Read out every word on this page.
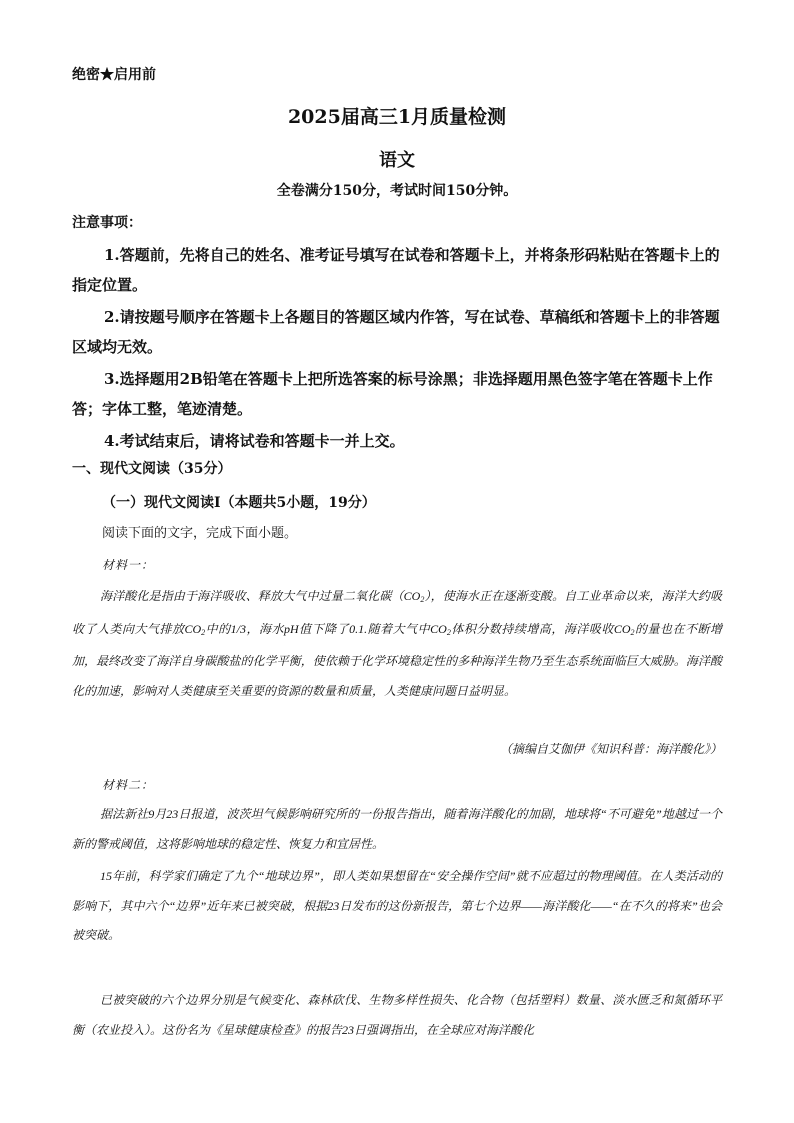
绝密★启用前
2025届高三1月质量检测
语文
全卷满分150分，考试时间150分钟。
注意事项：
1.答题前，先将自己的姓名、准考证号填写在试卷和答题卡上，并将条形码粘贴在答题卡上的指定位置。
2.请按题号顺序在答题卡上各题目的答题区域内作答，写在试卷、草稿纸和答题卡上的非答题区域均无效。
3.选择题用2B铅笔在答题卡上把所选答案的标号涂黑；非选择题用黑色签字笔在答题卡上作答；字体工整，笔迹清楚。
4.考试结束后，请将试卷和答题卡一并上交。
一、现代文阅读（35分）
（一）现代文阅读Ⅰ（本题共5小题，19分）
阅读下面的文字，完成下面小题。
材料一：
海洋酸化是指由于海洋吸收、释放大气中过量二氧化碳$(CO_2)$，使海水正在逐渐变酸。自工业革命以来，海洋大约吸收了人类向大气排放$CO_2$中的1/3，海水pH值下降了0.1.随着大气中$CO_2$体积分数持续增高，海洋吸收$CO_2$的量也在不断增加，最终改变了海洋自身碳酸盐的化学平衡，使依赖于化学环境稳定性的多种海洋生物乃至生态系统面临巨大威胁。海洋酸化的加速，影响对人类健康至关重要的资源的数量和质量，人类健康问题日益明显。
（摘编自艾伽伊《知识科普：海洋酸化》）
材料二：
据法新社9月23日报道，波茨坦气候影响研究所的一份报告指出，随着海洋酸化的加剧，地球将“不可避免”地越过一个新的警戒阈值，这将影响地球的稳定性、恢复力和宜居性。
15年前，科学家们确定了九个“地球边界”，即人类如果想留在“安全操作空间”就不应超过的物理阈值。在人类活动的影响下，其中六个“边界”近年来已被突破，根据23日发布的这份新报告，第七个边界——海洋酸化——“在不久的将来”也会被突破。
已被突破的六个边界分别是气候变化、森林砍伐、生物多样性损失、化合物（包括塑料）数量、淡水匮乏和氮循环平衡（农业投入）。这份名为《星球健康检查》的报告23日强调指出，在全球应对海洋酸化
